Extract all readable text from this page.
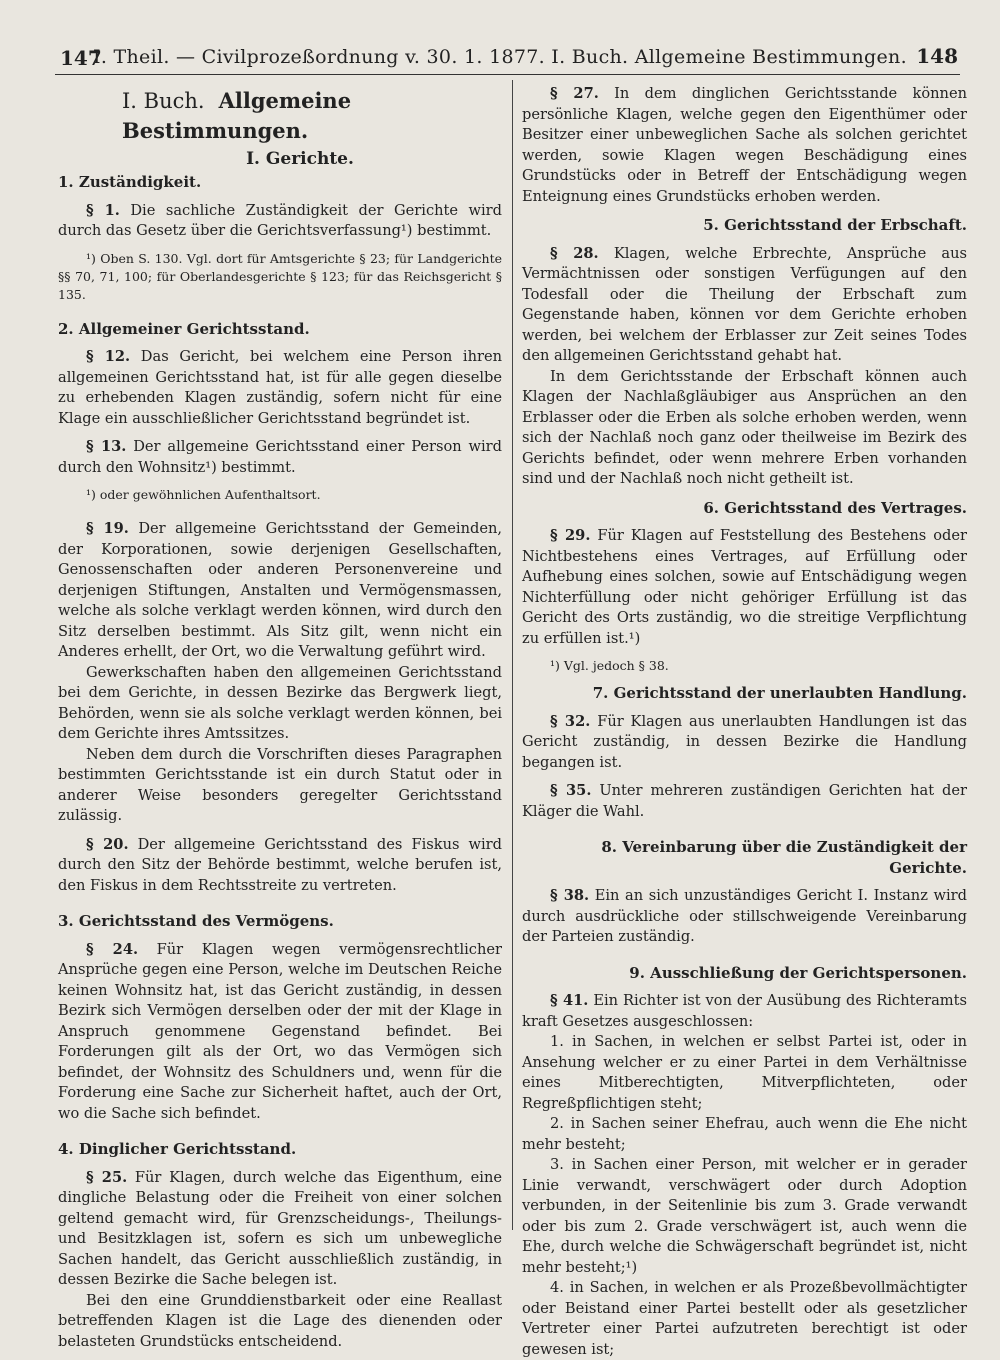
147
I. Theil. — Civilprozeßordnung v. 30. 1. 1877. I. Buch. Allgemeine Bestimmungen. 148
I. Buch. Allgemeine Bestimmungen.
I. Gerichte.
1. Zuständigkeit.

§ 1. Die sachliche Zuständigkeit der Gerichte wird durch das Gesetz über die Gerichtsverfassung¹) bestimmt.

¹) Oben S. 130. Vgl. dort für Amtsgerichte § 23; für Landgerichte §§ 70, 71, 100; für Oberlandesgerichte § 123; für das Reichsgericht § 135.

2. Allgemeiner Gerichtsstand.

§ 12. Das Gericht, bei welchem eine Person ihren allgemeinen Gerichtsstand hat, ist für alle gegen dieselbe zu erhebenden Klagen zuständig, sofern nicht für eine Klage ein ausschließlicher Gerichtsstand begründet ist.

§ 13. Der allgemeine Gerichtsstand einer Person wird durch den Wohnsitz¹) bestimmt.

¹) oder gewöhnlichen Aufenthaltsort.

§ 19. Der allgemeine Gerichtsstand der Gemeinden, der Korporationen, sowie derjenigen Gesellschaften, Genossenschaften oder anderen Personenvereine und derjenigen Stiftungen, Anstalten und Vermögensmassen, welche als solche verklagt werden können, wird durch den Sitz derselben bestimmt. Als Sitz gilt, wenn nicht ein Anderes erhellt, der Ort, wo die Verwaltung geführt wird.

Gewerkschaften haben den allgemeinen Gerichtsstand bei dem Gerichte, in dessen Bezirke das Bergwerk liegt, Behörden, wenn sie als solche verklagt werden können, bei dem Gerichte ihres Amtssitzes.

Neben dem durch die Vorschriften dieses Paragraphen bestimmten Gerichtsstande ist ein durch Statut oder in anderer Weise besonders geregelter Gerichtsstand zulässig.

§ 20. Der allgemeine Gerichtsstand des Fiskus wird durch den Sitz der Behörde bestimmt, welche berufen ist, den Fiskus in dem Rechtsstreite zu vertreten.

3. Gerichtsstand des Vermögens.

§ 24. Für Klagen wegen vermögensrechtlicher Ansprüche gegen eine Person, welche im Deutschen Reiche keinen Wohnsitz hat, ist das Gericht zuständig, in dessen Bezirk sich Vermögen derselben oder der mit der Klage in Anspruch genommene Gegenstand befindet. Bei Forderungen gilt als der Ort, wo das Vermögen sich befindet, der Wohnsitz des Schuldners und, wenn für die Forderung eine Sache zur Sicherheit haftet, auch der Ort, wo die Sache sich befindet.

4. Dinglicher Gerichtsstand.

§ 25. Für Klagen, durch welche das Eigenthum, eine dingliche Belastung oder die Freiheit von einer solchen geltend gemacht wird, für Grenzscheidungs-, Theilungs- und Besitzklagen ist, sofern es sich um unbewegliche Sachen handelt, das Gericht ausschließlich zuständig, in dessen Bezirke die Sache belegen ist.

Bei den eine Grunddienstbarkeit oder eine Reallast betreffenden Klagen ist die Lage des dienenden oder belasteten Grundstücks entscheidend.

§ 27. In dem dinglichen Gerichtsstande können persönliche Klagen, welche gegen den Eigenthümer oder Besitzer einer unbeweglichen Sache als solchen gerichtet werden, sowie Klagen wegen Beschädigung eines Grundstücks oder in Betreff der Entschädigung wegen Enteignung eines Grundstücks erhoben werden.

5. Gerichtsstand der Erbschaft.

§ 28. Klagen, welche Erbrechte, Ansprüche aus Vermächtnissen oder sonstigen Verfügungen auf den Todesfall oder die Theilung der Erbschaft zum Gegenstande haben, können vor dem Gerichte erhoben werden, bei welchem der Erblasser zur Zeit seines Todes den allgemeinen Gerichtsstand gehabt hat.

In dem Gerichtsstande der Erbschaft können auch Klagen der Nachlaßgläubiger aus Ansprüchen an den Erblasser oder die Erben als solche erhoben werden, wenn sich der Nachlaß noch ganz oder theilweise im Bezirk des Gerichts befindet, oder wenn mehrere Erben vorhanden sind und der Nachlaß noch nicht getheilt ist.

6. Gerichtsstand des Vertrages.

§ 29. Für Klagen auf Feststellung des Bestehens oder Nichtbestehens eines Vertrages, auf Erfüllung oder Aufhebung eines solchen, sowie auf Entschädigung wegen Nichterfüllung oder nicht gehöriger Erfüllung ist das Gericht des Orts zuständig, wo die streitige Verpflichtung zu erfüllen ist.¹)

¹) Vgl. jedoch § 38.

7. Gerichtsstand der unerlaubten Handlung.

§ 32. Für Klagen aus unerlaubten Handlungen ist das Gericht zuständig, in dessen Bezirke die Handlung begangen ist.

§ 35. Unter mehreren zuständigen Gerichten hat der Kläger die Wahl.

8. Vereinbarung über die Zuständigkeit der Gerichte.

§ 38. Ein an sich unzuständiges Gericht I. Instanz wird durch ausdrückliche oder stillschweigende Vereinbarung der Parteien zuständig.

9. Ausschließung der Gerichtspersonen.

§ 41. Ein Richter ist von der Ausübung des Richteramts kraft Gesetzes ausgeschlossen:

1. in Sachen, in welchen er selbst Partei ist, oder in Ansehung welcher er zu einer Partei in dem Verhältnisse eines Mitberechtigten, Mitverpflichteten, oder Regreßpflichtigen steht;

2. in Sachen seiner Ehefrau, auch wenn die Ehe nicht mehr besteht;

3. in Sachen einer Person, mit welcher er in gerader Linie verwandt, verschwägert oder durch Adoption verbunden, in der Seitenlinie bis zum 3. Grade verwandt oder bis zum 2. Grade verschwägert ist, auch wenn die Ehe, durch welche die Schwägerschaft begründet ist, nicht mehr besteht;¹)

4. in Sachen, in welchen er als Prozeßbevollmächtigter oder Beistand einer Partei bestellt oder als gesetzlicher Vertreter einer Partei aufzutreten berechtigt ist oder gewesen ist;
